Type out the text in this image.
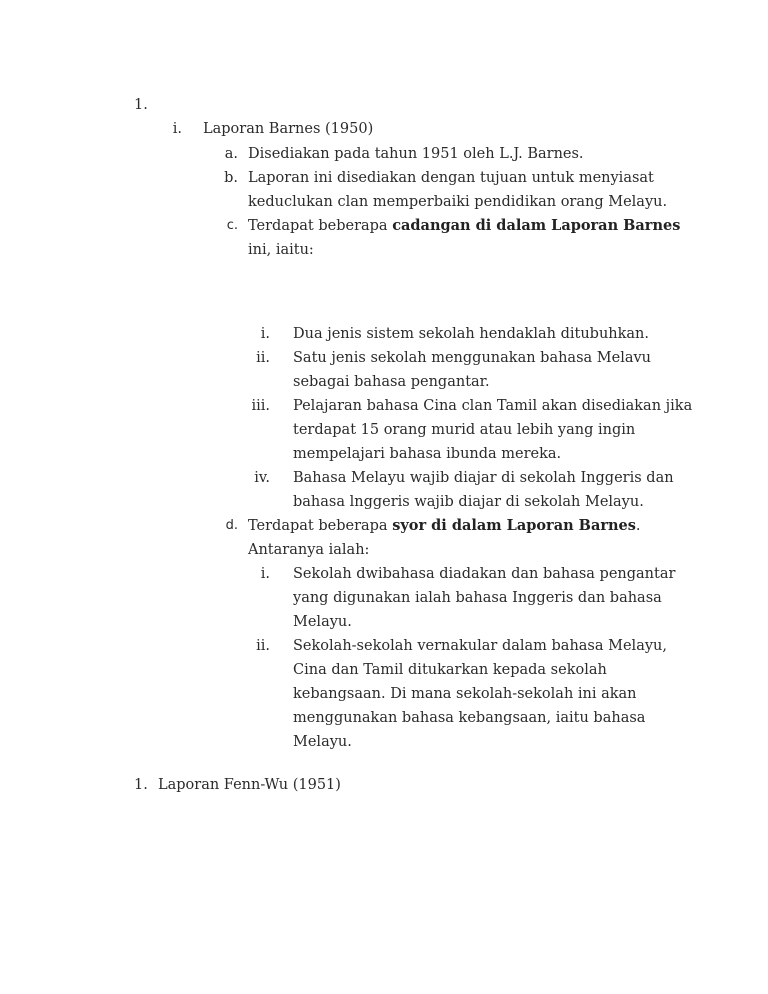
1.
i. Laporan Barnes (1950)
a. Disediakan pada tahun 1951 oleh L.J. Barnes.
b. Laporan ini disediakan dengan tujuan untuk menyiasat
keduclukan clan memperbaiki pendidikan orang Melayu.
c. Terdapat beberapa cadangan di dalam Laporan Barnes
ini, iaitu:
i. Dua jenis sistem sekolah hendaklah ditubuhkan.
ii. Satu jenis sekolah menggunakan bahasa Melavu
sebagai bahasa pengantar.
iii. Pelajaran bahasa Cina clan Tamil akan disediakan jika
terdapat 15 orang murid atau lebih yang ingin
mempelajari bahasa ibunda mereka.
iv. Bahasa Melayu wajib diajar di sekolah Inggeris dan
bahasa lnggeris wajib diajar di sekolah Melayu.
d. Terdapat beberapa syor di dalam Laporan Barnes.
Antaranya ialah:
i. Sekolah dwibahasa diadakan dan bahasa pengantar
yang digunakan ialah bahasa Inggeris dan bahasa
Melayu.
ii. Sekolah-sekolah vernakular dalam bahasa Melayu,
Cina dan Tamil ditukarkan kepada sekolah
kebangsaan. Di mana sekolah-sekolah ini akan
menggunakan bahasa kebangsaan, iaitu bahasa
Melayu.
1. Laporan Fenn-Wu (1951)
